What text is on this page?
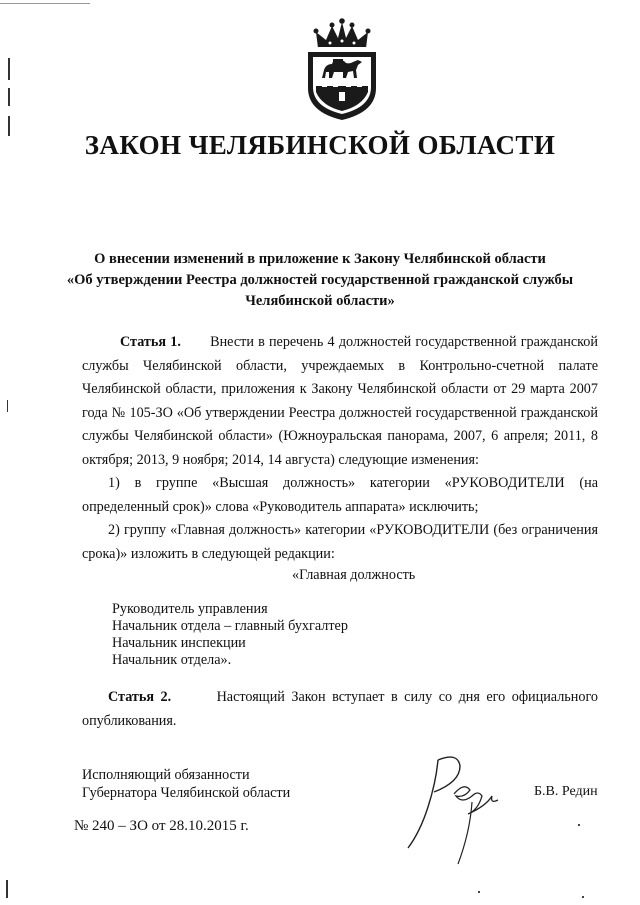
ЗАКОН ЧЕЛЯБИНСКОЙ ОБЛАСТИ
О внесении изменений в приложение к Закону Челябинской области
«Об утверждении Реестра должностей государственной гражданской службы
Челябинской области»
Статья 1. Внести в перечень 4 должностей государственной гражданской службы Челябинской области, учреждаемых в Контрольно-счетной палате Челябинской области, приложения к Закону Челябинской области от 29 марта 2007 года № 105-ЗО «Об утверждении Реестра должностей государственной гражданской службы Челябинской области» (Южноуральская панорама, 2007, 6 апреля; 2011, 8 октября; 2013, 9 ноября; 2014, 14 августа) следующие изменения:
1) в группе «Высшая должность» категории «РУКОВОДИТЕЛИ (на определенный срок)» слова «Руководитель аппарата» исключить;
2) группу «Главная должность» категории «РУКОВОДИТЕЛИ (без ограничения срока)» изложить в следующей редакции:
«Главная должность
Руководитель управления
Начальник отдела – главный бухгалтер
Начальник инспекции
Начальник отдела».
Статья 2.	Настоящий Закон вступает в силу со дня его официального опубликования.
Исполняющий обязанности
Губернатора Челябинской области	Б.В. Редин
№ 240 – ЗО от 28.10.2015 г.
